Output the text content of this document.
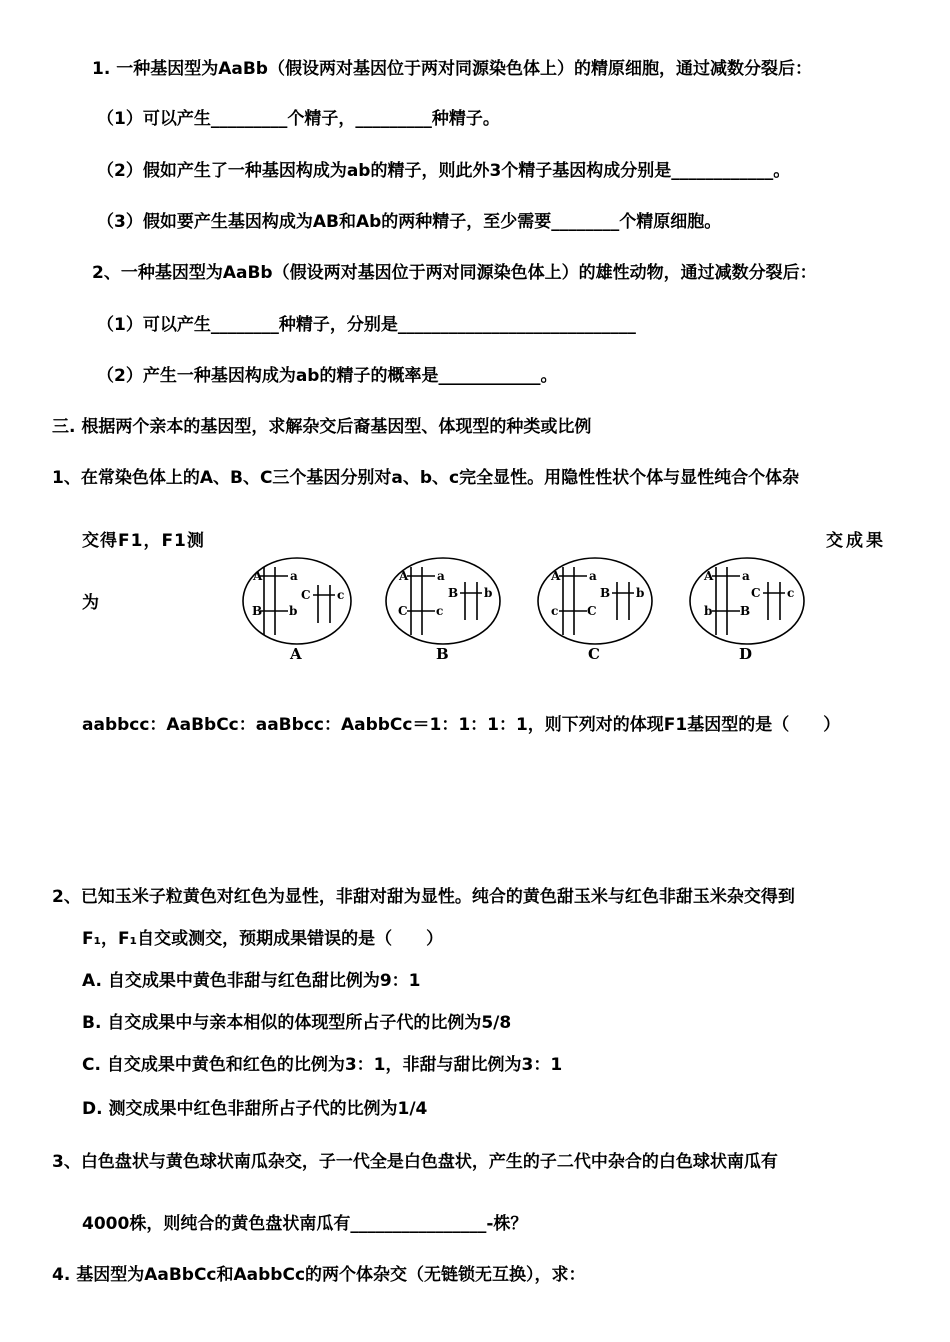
1. 一种基因型为AaBb（假设两对基因位于两对同源染色体上）的精原细胞，通过减数分裂后：
（1）可以产生_________个精子，_________种精子。
（2）假如产生了一种基因构成为ab的精子，则此外3个精子基因构成分别是____________。
（3）假如要产生基因构成为AB和Ab的两种精子，至少需要________个精原细胞。
2、一种基因型为AaBb（假设两对基因位于两对同源染色体上）的雄性动物，通过减数分裂后：
（1）可以产生________种精子，分别是____________________________
（2）产生一种基因构成为ab的精子的概率是____________。
三. 根据两个亲本的基因型，求解杂交后裔基因型、体现型的种类或比例
1、在常染色体上的A、B、C三个基因分别对a、b、c完全显性。用隐性性状个体与显性纯合个体杂
交得F1，F1测	交成果
为
A a
B b
C c
A
A a
C c
B b
B
A a
c C
B b
C
A a
b B
C c
D
aabbcc：AaBbCc：aaBbcc：AabbCc＝1：1：1：1，则下列对的体现F1基因型的是（　　）
2、已知玉米子粒黄色对红色为显性，非甜对甜为显性。纯合的黄色甜玉米与红色非甜玉米杂交得到
F₁，F₁自交或测交，预期成果错误的是（　　）
A. 自交成果中黄色非甜与红色甜比例为9：1
B. 自交成果中与亲本相似的体现型所占子代的比例为5/8
C. 自交成果中黄色和红色的比例为3：1，非甜与甜比例为3：1
D. 测交成果中红色非甜所占子代的比例为1/4
3、白色盘状与黄色球状南瓜杂交，子一代全是白色盘状，产生的子二代中杂合的白色球状南瓜有
4000株，则纯合的黄色盘状南瓜有________________-株？
4. 基因型为AaBbCc和AabbCc的两个体杂交（无链锁无互换），求：
